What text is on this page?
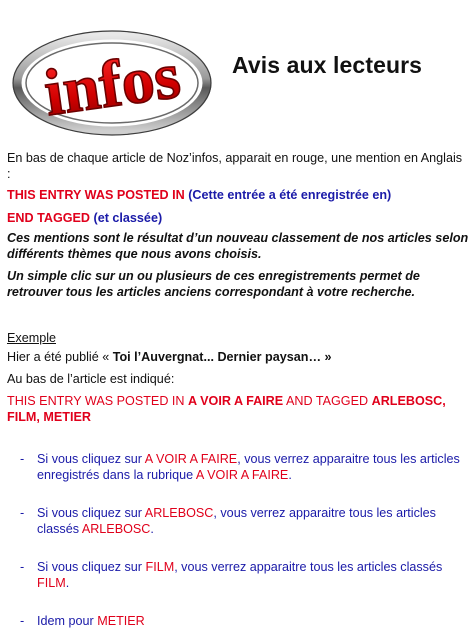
infos Avis aux lecteurs

En bas de chaque article de Noz’infos, apparait en rouge, une mention en Anglais :

THIS ENTRY WAS POSTED IN (Cette entrée a été enregistrée en)

END TAGGED (et classée)

Ces mentions sont le résultat d’un nouveau classement de nos articles selon différents thèmes que nous avons choisis.

Un simple clic sur un ou plusieurs de ces enregistrements permet de retrouver tous les articles anciens correspondant à votre recherche.

Exemple

Hier a été publié « Toi l’Auvergnat... Dernier paysan… »

Au bas de l’article est indiqué:

THIS ENTRY WAS POSTED IN A VOIR A FAIRE AND TAGGED ARLEBOSC, FILM, METIER

- Si vous cliquez sur A VOIR A FAIRE, vous verrez apparaitre tous les articles enregistrés dans la rubrique A VOIR A FAIRE.
- Si vous cliquez sur ARLEBOSC, vous verrez apparaitre tous les articles classés ARLEBOSC.
- Si vous cliquez sur FILM, vous verrez apparaitre tous les articles classés FILM.
- Idem pour METIER
